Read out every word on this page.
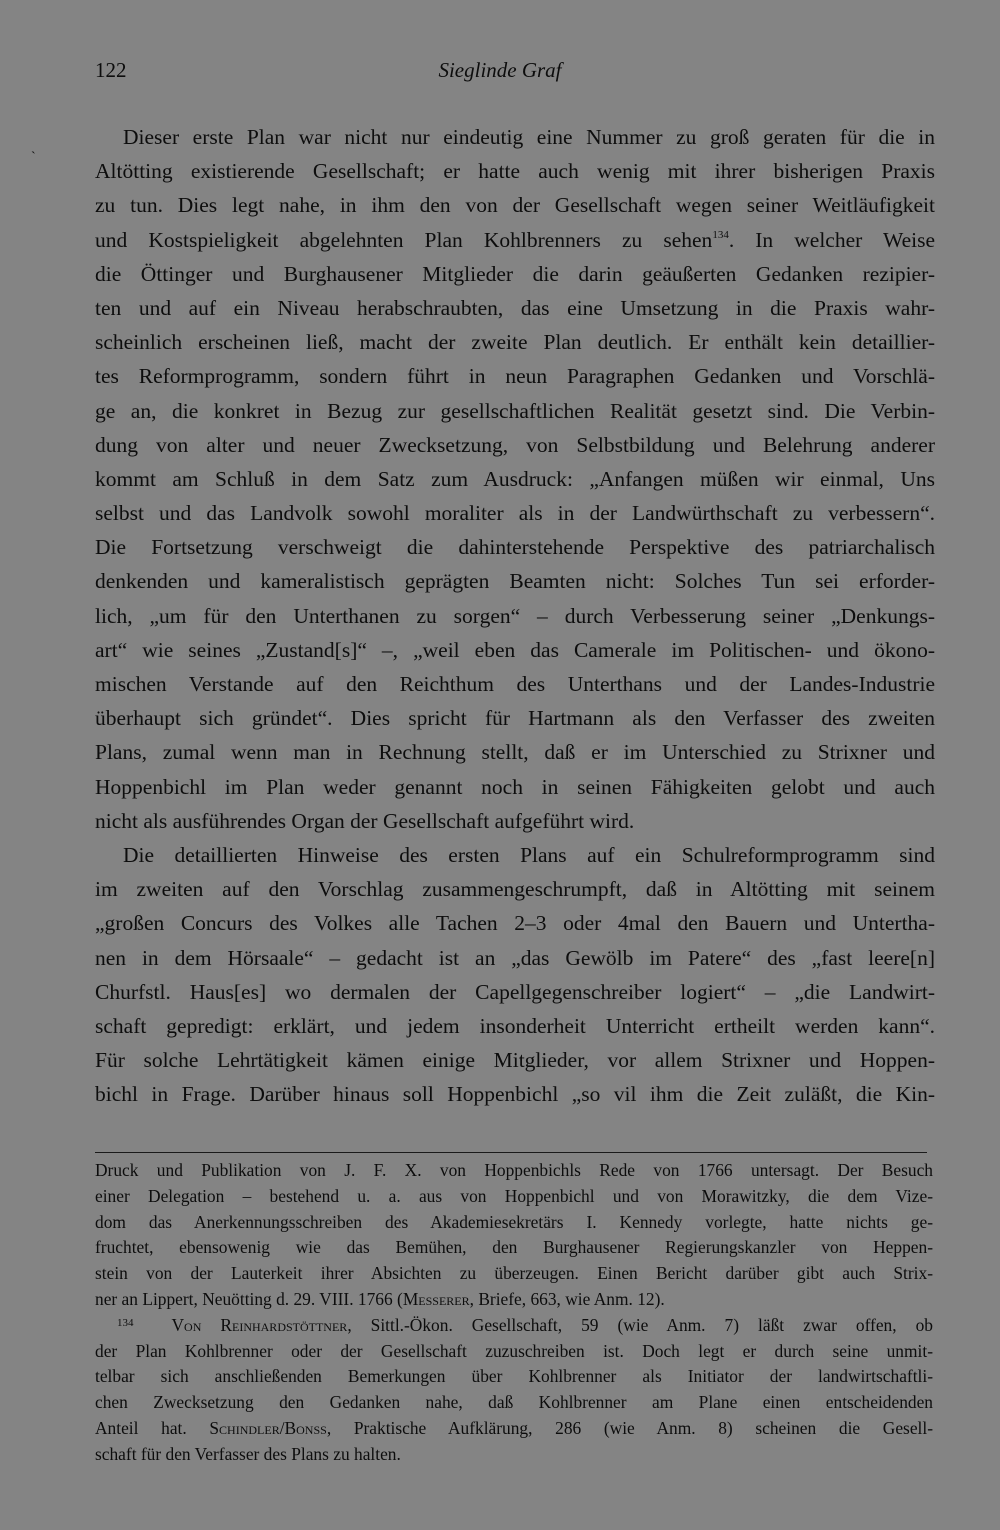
122	Sieglinde Graf
`
Dieser erste Plan war nicht nur eindeutig eine Nummer zu groß geraten für die in
Altötting existierende Gesellschaft; er hatte auch wenig mit ihrer bisherigen Praxis
zu tun. Dies legt nahe, in ihm den von der Gesellschaft wegen seiner Weitläufigkeit
und Kostspieligkeit abgelehnten Plan Kohlbrenners zu sehen$^{134}$. In welcher Weise
die Öttinger und Burghausener Mitglieder die darin geäußerten Gedanken rezipier-
ten und auf ein Niveau herabschraubten, das eine Umsetzung in die Praxis wahr-
scheinlich erscheinen ließ, macht der zweite Plan deutlich. Er enthält kein detaillier-
tes Reformprogramm, sondern führt in neun Paragraphen Gedanken und Vorschlä-
ge an, die konkret in Bezug zur gesellschaftlichen Realität gesetzt sind. Die Verbin-
dung von alter und neuer Zwecksetzung, von Selbstbildung und Belehrung anderer
kommt am Schluß in dem Satz zum Ausdruck: „Anfangen müßen wir einmal, Uns
selbst und das Landvolk sowohl moraliter als in der Landwürthschaft zu verbessern“.
Die Fortsetzung verschweigt die dahinterstehende Perspektive des patriarchalisch
denkenden und kameralistisch geprägten Beamten nicht: Solches Tun sei erforder-
lich, „um für den Unterthanen zu sorgen“ – durch Verbesserung seiner „Denkungs-
art“ wie seines „Zustand[s]“ –, „weil eben das Camerale im Politischen- und ökono-
mischen Verstande auf den Reichthum des Unterthans und der Landes-Industrie
überhaupt sich gründet“. Dies spricht für Hartmann als den Verfasser des zweiten
Plans, zumal wenn man in Rechnung stellt, daß er im Unterschied zu Strixner und
Hoppenbichl im Plan weder genannt noch in seinen Fähigkeiten gelobt und auch
nicht als ausführendes Organ der Gesellschaft aufgeführt wird.
Die detaillierten Hinweise des ersten Plans auf ein Schulreformprogramm sind
im zweiten auf den Vorschlag zusammengeschrumpft, daß in Altötting mit seinem
„großen Concurs des Volkes alle Tachen 2–3 oder 4mal den Bauern und Untertha-
nen in dem Hörsaale“ – gedacht ist an „das Gewölb im Patere“ des „fast leere[n]
Churfstl. Haus[es] wo dermalen der Capellgegenschreiber logiert“ – „die Landwirt-
schaft gepredigt: erklärt, und jedem insonderheit Unterricht ertheilt werden kann“.
Für solche Lehrtätigkeit kämen einige Mitglieder, vor allem Strixner und Hoppen-
bichl in Frage. Darüber hinaus soll Hoppenbichl „so vil ihm die Zeit zuläßt, die Kin-
Druck und Publikation von J. F. X. von Hoppenbichls Rede von 1766 untersagt. Der Besuch
einer Delegation – bestehend u. a. aus von Hoppenbichl und von Morawitzky, die dem Vize-
dom das Anerkennungsschreiben des Akademiesekretärs I. Kennedy vorlegte, hatte nichts ge-
fruchtet, ebensowenig wie das Bemühen, den Burghausener Regierungskanzler von Heppen-
stein von der Lauterkeit ihrer Absichten zu überzeugen. Einen Bericht darüber gibt auch Strix-
ner an Lippert, Neuötting d. 29. VIII. 1766 (Messerer, Briefe, 663, wie Anm. 12).
$^{134}$ Von Reinhardstöttner, Sittl.-Ökon. Gesellschaft, 59 (wie Anm. 7) läßt zwar offen, ob
der Plan Kohlbrenner oder der Gesellschaft zuzuschreiben ist. Doch legt er durch seine unmit-
telbar sich anschließenden Bemerkungen über Kohlbrenner als Initiator der landwirtschaftli-
chen Zwecksetzung den Gedanken nahe, daß Kohlbrenner am Plane einen entscheidenden
Anteil hat. Schindler/Bonss, Praktische Aufklärung, 286 (wie Anm. 8) scheinen die Gesell-
schaft für den Verfasser des Plans zu halten.
